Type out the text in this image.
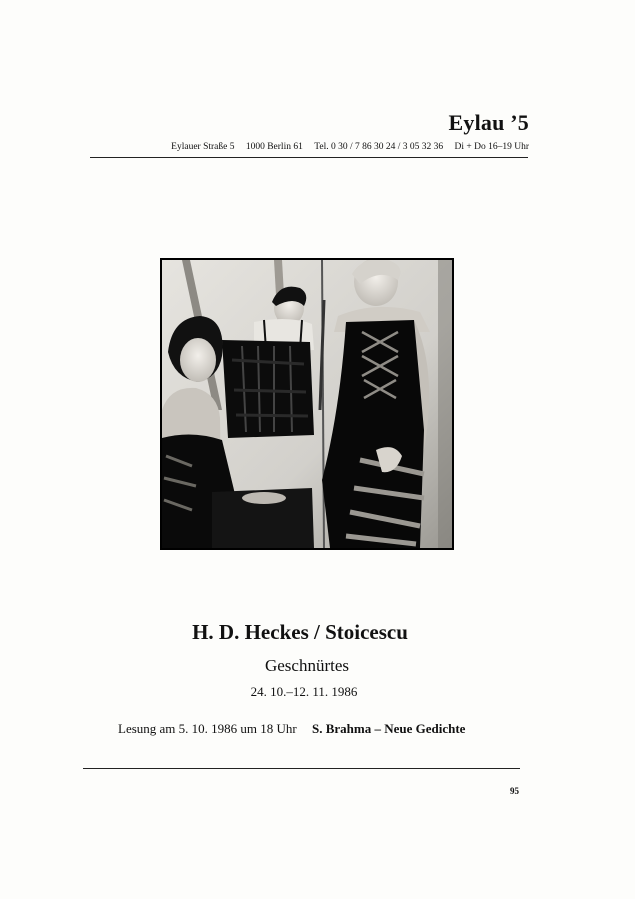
Eylau ’5
Eylauer Straße 5 1000 Berlin 61 Tel. 0 30 / 7 86 30 24 / 3 05 32 36 Di + Do 16–19 Uhr
H. D. Heckes / Stoicescu
Geschnürtes
24. 10.–12. 11. 1986
Lesung am 5. 10. 1986 um 18 Uhr S. Brahma – Neue Gedichte
95
